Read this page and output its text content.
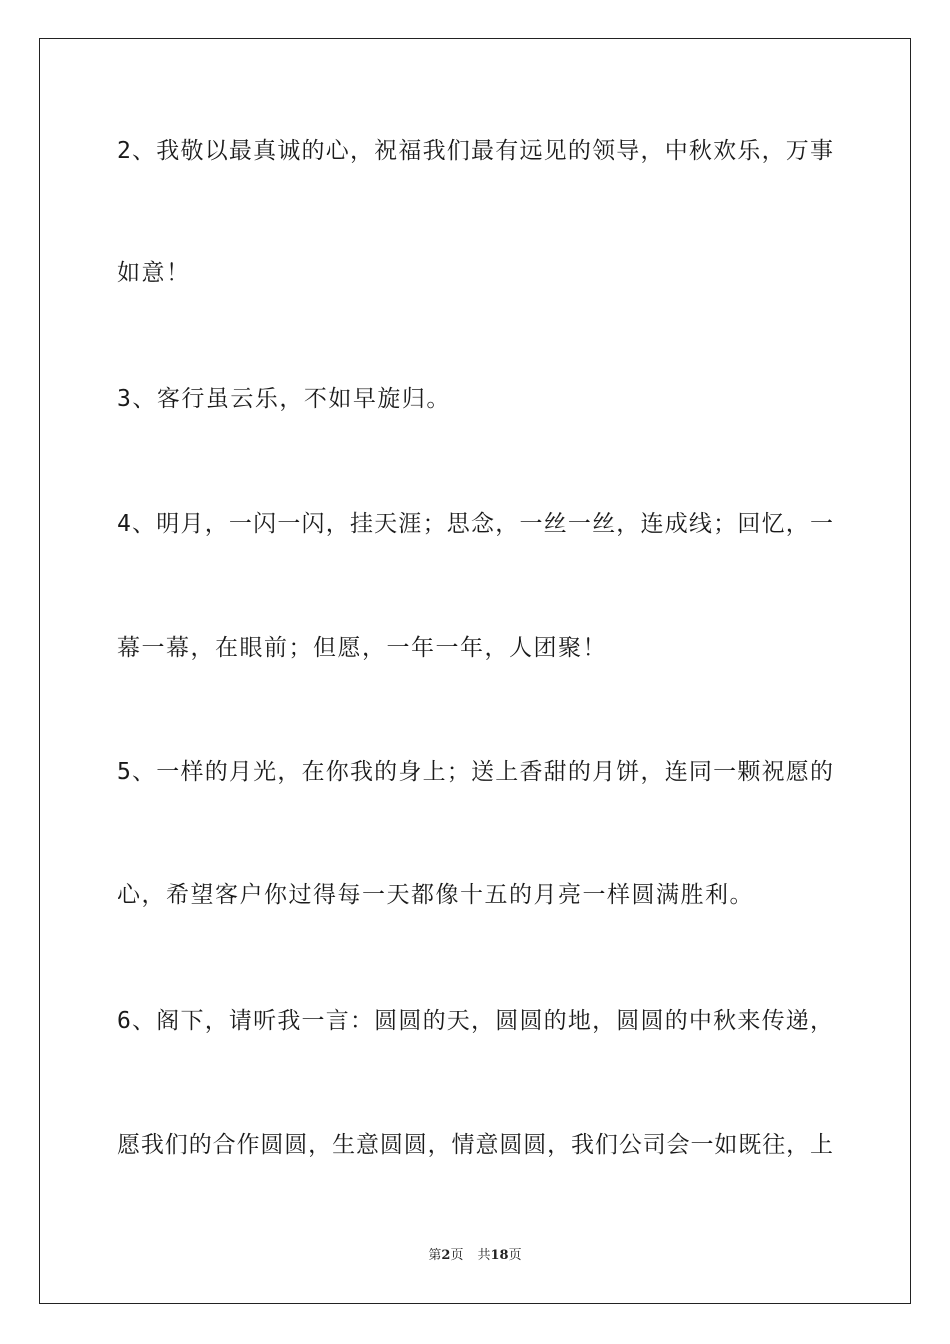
2、我敬以最真诚的心，祝福我们最有远见的领导，中秋欢乐，万事
如意！
3、客行虽云乐，不如早旋归。
4、明月，一闪一闪，挂天涯；思念，一丝一丝，连成线；回忆，一
幕一幕，在眼前；但愿，一年一年，人团聚！
5、一样的月光，在你我的身上；送上香甜的月饼，连同一颗祝愿的
心，希望客户你过得每一天都像十五的月亮一样圆满胜利。
6、阁下，请听我一言：圆圆的天，圆圆的地，圆圆的中秋来传递，
愿我们的合作圆圆，生意圆圆，情意圆圆，我们公司会一如既往，上
第2页 共18页
